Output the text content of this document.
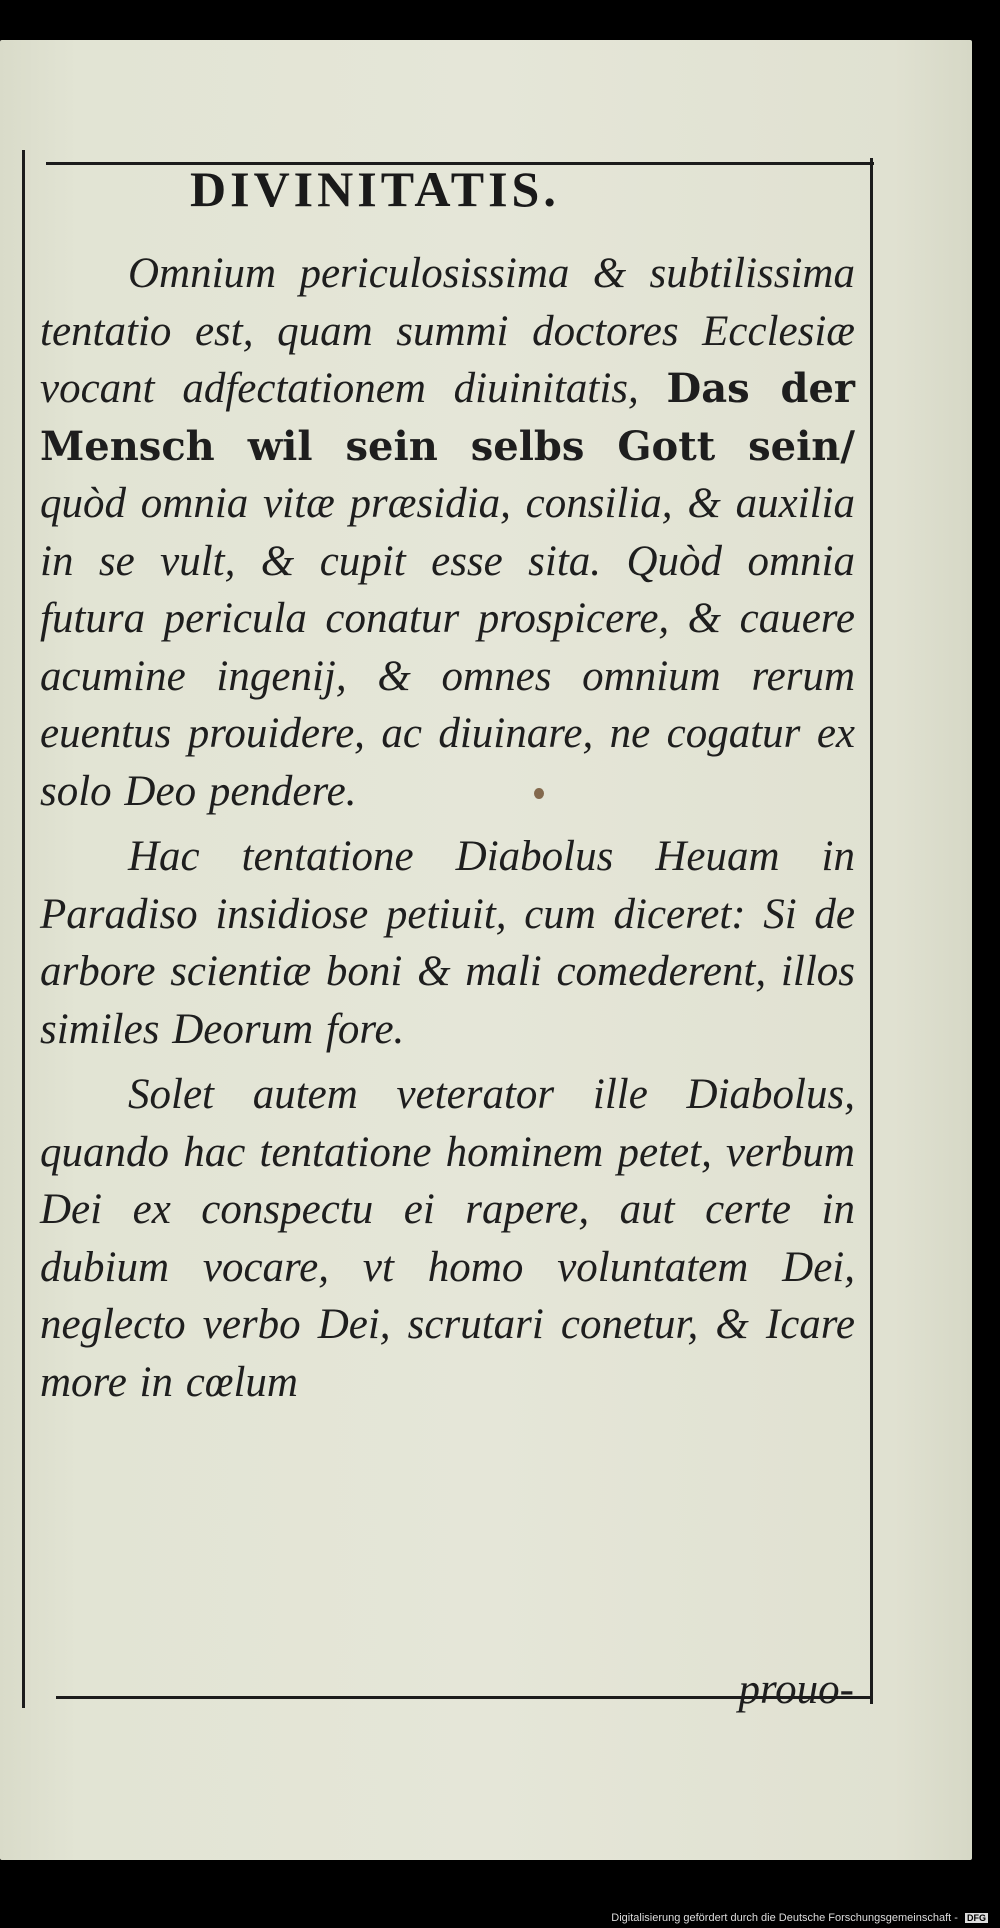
DIVINITATIS.

Omnium periculosissima & subtilissima tentatio est, quam summi doctores Ecclesiæ vocant adfectationem diuinitatis, Das der Mensch wil sein selbs Gott sein/ quòd omnia vitæ præsidia, consilia, & auxilia in se vult, & cupit esse sita. Quòd omnia futura pericula conatur prospicere, & cauere acumine ingenij, & omnes omnium rerum euentus prouidere, ac diuinare, ne cogatur ex solo Deo pendere.

Hac tentatione Diabolus Heuam in Paradiso insidiose petiuit, cum diceret: Si de arbore scientiæ boni & mali comederent, illos similes Deorum fore.

Solet autem veterator ille Diabolus, quando hac tentatione hominem petet, verbum Dei ex conspectu ei rapere, aut certe in dubium vocare, vt homo voluntatem Dei, neglecto verbo Dei, scrutari conetur, & Icare more in cœlum

prouo-
Digitalisierung gefördert durch die Deutsche Forschungsgemeinschaft - DFG
